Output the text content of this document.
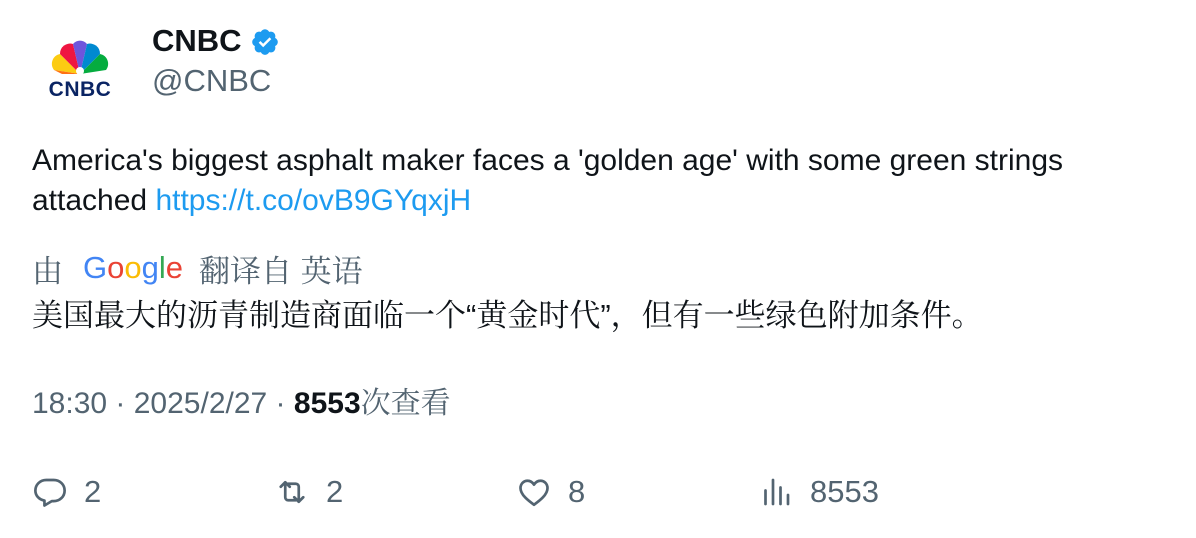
CNBC
CNBC
@CNBC
America's biggest asphalt maker faces a 'golden age' with some green strings attached https://t.co/ovB9GYqxjH
由 Google 翻译自 英语
美国最大的沥青制造商面临一个“黄金时代”，但有一些绿色附加条件。
18:30 · 2025/2/27 · 8553次查看
2	2	8	8553
